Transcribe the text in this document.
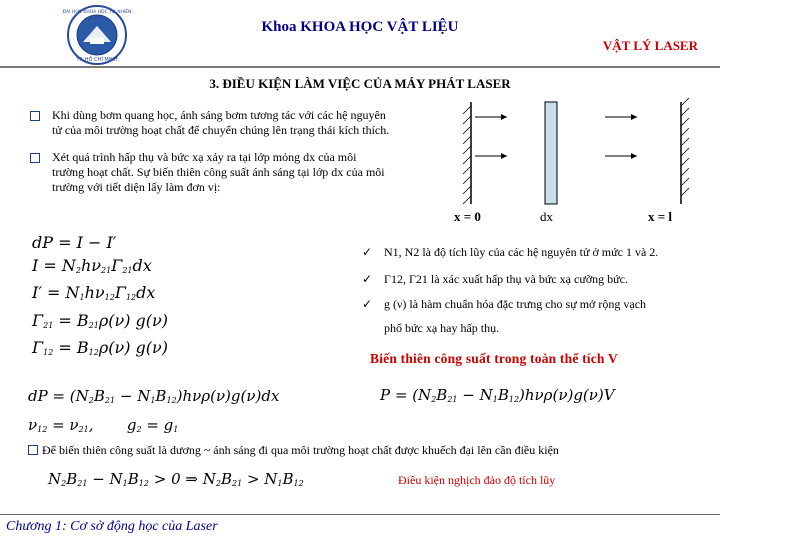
TP. HỒ CHÍ MINH
ĐẠI HỌC KHOA HỌC TỰ NHIÊN
Khoa KHOA HỌC VẬT LIỆU
VẬT LÝ LASER
3. ĐIỀU KIỆN LÀM VIỆC CỦA MÁY PHÁT LASER
Khi dùng bơm quang học, ánh sáng bơm tương tác với các hệ nguyên
tử của môi trường hoạt chất để chuyển chúng lên trạng thái kích thích.
Xét quá trình hấp thụ và bức xạ xảy ra tại lớp mỏng dx của môi
trường hoạt chất. Sự biến thiên công suất ánh sáng tại lớp dx của môi
trường với tiết diện lấy làm đơn vị:
x = 0	dx	x = l
dP = I − I′
$I = N_2h\nu_{21}\Gamma_{21}dx$
$I' = N_1h\nu_{12}\Gamma_{12}dx$
$\Gamma_{21} = B_{21}\rho(\nu)$ g(ν)
$\Gamma_{12} = B_{12}\rho(\nu)$ g(ν)
✓ N1, N2 là độ tích lũy của các hệ nguyên tử ở mức 1 và 2.
✓ Γ12, Γ21 là xác xuất hấp thụ và bức xạ cưỡng bức.
✓ g (ν) là hàm chuẩn hóa đặc trưng cho sự mở rộng vạch
phổ bức xạ hay hấp thụ.
Biến thiên công suất trong toàn thể tích V
dP = $(N_2B_{21} - N_1B_{12})h\nu\rho(\nu)g(\nu)dx$
$\nu_{12} = \nu_{21}$,       $g_2 = g_1$
$P = (N_2B_{21} - N_1B_{12})h\nu\rho(\nu)g(\nu)V$
Để biến thiên công suất là dương ~ ánh sáng đi qua môi trường hoạt chất được khuếch đại lên cần điều kiện
$N_2B_{21} - N_1B_{12} > 0$ ⇒ $N_2B_{21} > N_1B_{12}$	Điều kiện nghịch đảo độ tích lũy
Chương 1: Cơ sở động học của Laser
